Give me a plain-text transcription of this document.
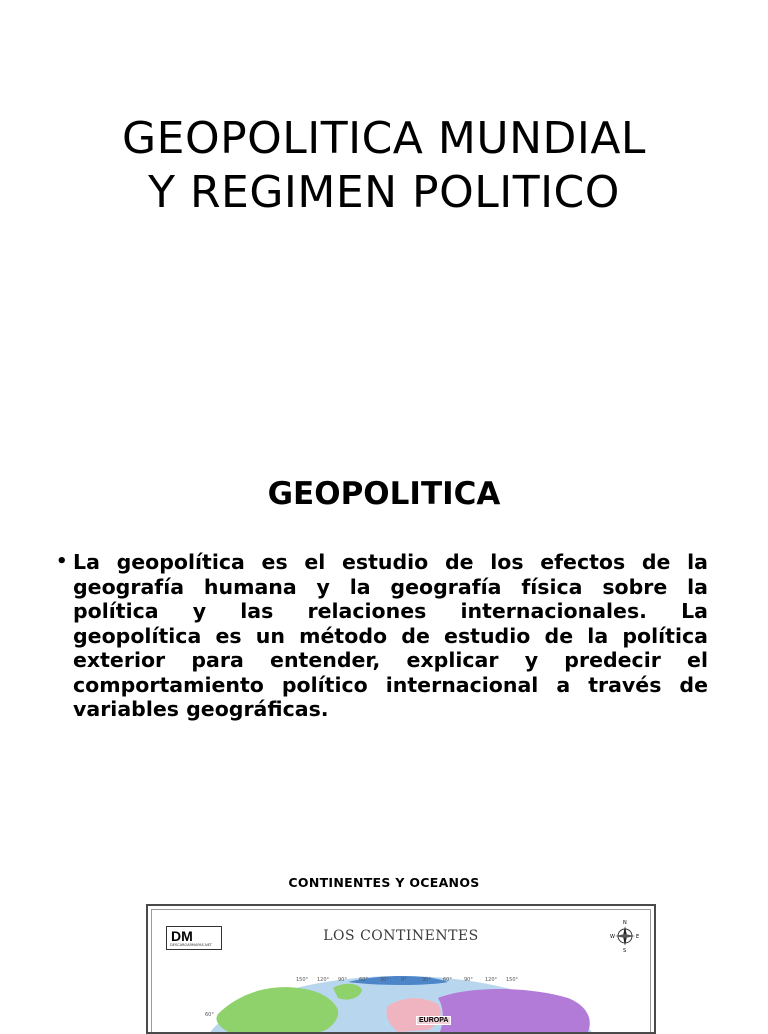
GEOPOLITICA MUNDIAL
Y REGIMEN POLITICO
GEOPOLITICA
• La geopolítica es el estudio de los efectos de la geografía humana y la geografía física sobre la política y las relaciones internacionales. La geopolítica es un método de estudio de la política exterior para entender, explicar y predecir el comportamiento político internacional a través de variables geográficas.
CONTINENTES Y OCEANOS
150° 120° 90° 60° 30° 0°	30° 60° 90° 120° 150°
60°
DM
DESCARGARMAPAS.NET
LOS CONTINENTES
N
W	E
S
EUROPA
